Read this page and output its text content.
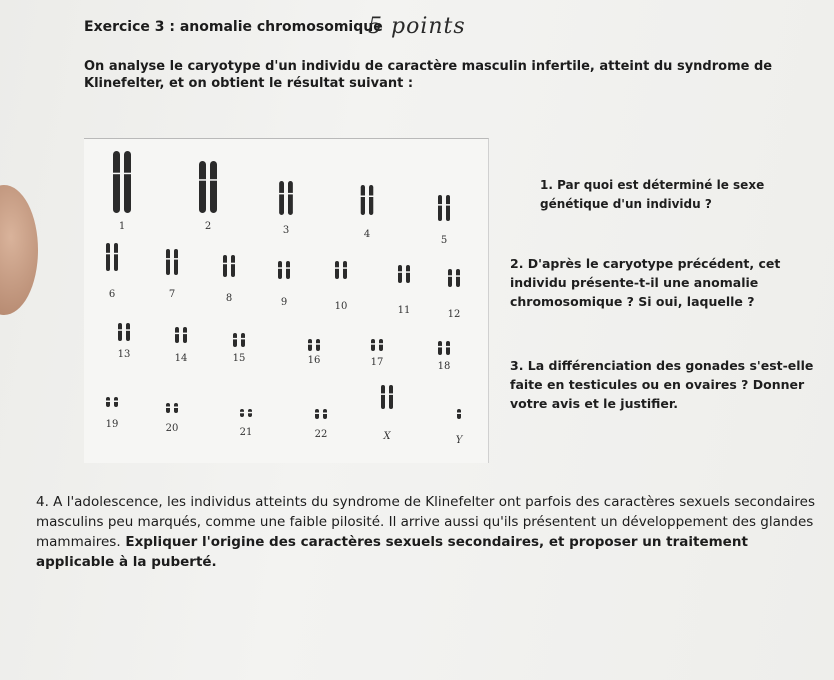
Exercice 3 : anomalie chromosomique
5 points
On analyse le caryotype d'un individu de caractère masculin infertile, atteint du syndrome de Klinefelter, et on obtient le résultat suivant :
1	2	3	4
5
6	7	8	9	10	11	12
13	14	15	16	17	18
19	20	21	22	X	Y
1. Par quoi est déterminé le sexe génétique d'un individu ?
2. D'après le caryotype précédent, cet individu présente-t-il une anomalie chromosomique ? Si oui, laquelle ?
3. La différenciation des gonades s'est-elle faite en testicules ou en ovaires ? Donner votre avis et le justifier.
4. A l'adolescence, les individus atteints du syndrome de Klinefelter ont parfois des caractères sexuels secondaires masculins peu marqués, comme une faible pilosité. Il arrive aussi qu'ils présentent un développement des glandes mammaires. Expliquer l'origine des caractères sexuels secondaires, et proposer un traitement applicable à la puberté.
